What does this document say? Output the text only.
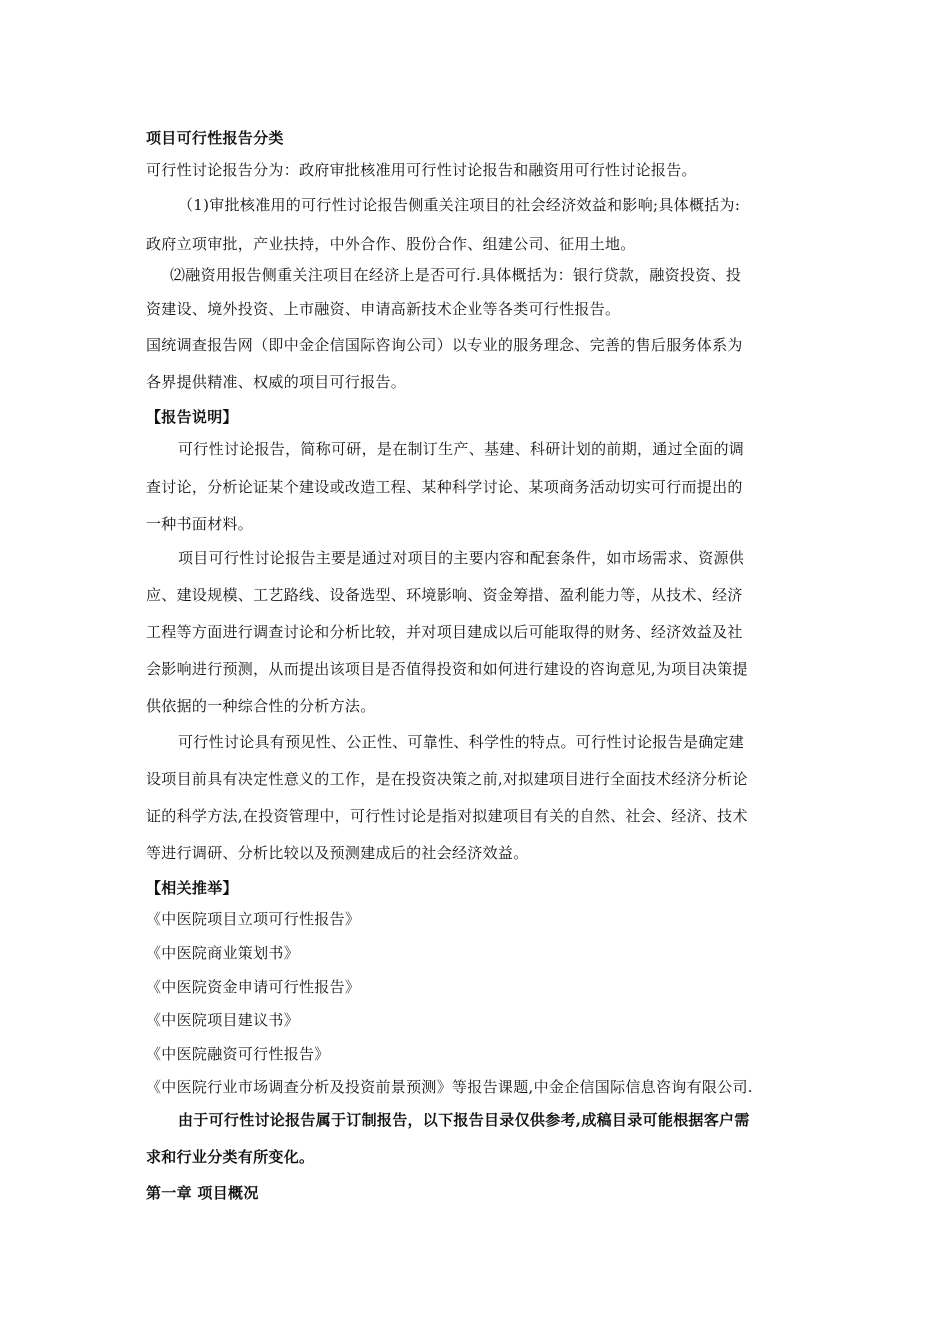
项目可行性报告分类
可行性讨论报告分为：政府审批核准用可行性讨论报告和融资用可行性讨论报告。
（1)审批核准用的可行性讨论报告侧重关注项目的社会经济效益和影响;具体概括为:
政府立项审批，产业扶持，中外合作、股份合作、组建公司、征用土地。
⑵融资用报告侧重关注项目在经济上是否可行.具体概括为：银行贷款，融资投资、投
资建设、境外投资、上市融资、申请高新技术企业等各类可行性报告。
国统调查报告网（即中金企信国际咨询公司）以专业的服务理念、完善的售后服务体系为
各界提供精准、权威的项目可行报告。
【报告说明】
可行性讨论报告，简称可研，是在制订生产、基建、科研计划的前期，通过全面的调
查讨论，分析论证某个建设或改造工程、某种科学讨论、某项商务活动切实可行而提出的
一种书面材料。
项目可行性讨论报告主要是通过对项目的主要内容和配套条件，如市场需求、资源供
应、建设规模、工艺路线、设备选型、环境影响、资金筹措、盈利能力等，从技术、经济
工程等方面进行调查讨论和分析比较，并对项目建成以后可能取得的财务、经济效益及社
会影响进行预测，从而提出该项目是否值得投资和如何进行建设的咨询意见,为项目决策提
供依据的一种综合性的分析方法。
可行性讨论具有预见性、公正性、可靠性、科学性的特点。可行性讨论报告是确定建
设项目前具有决定性意义的工作，是在投资决策之前,对拟建项目进行全面技术经济分析论
证的科学方法,在投资管理中，可行性讨论是指对拟建项目有关的自然、社会、经济、技术
等进行调研、分析比较以及预测建成后的社会经济效益。
【相关推举】
《中医院项目立项可行性报告》
《中医院商业策划书》
《中医院资金申请可行性报告》
《中医院项目建议书》
《中医院融资可行性报告》
《中医院行业市场调查分析及投资前景预测》等报告课题,中金企信国际信息咨询有限公司.
由于可行性讨论报告属于订制报告，以下报告目录仅供参考,成稿目录可能根据客户需
求和行业分类有所变化。
第一章 项目概况
